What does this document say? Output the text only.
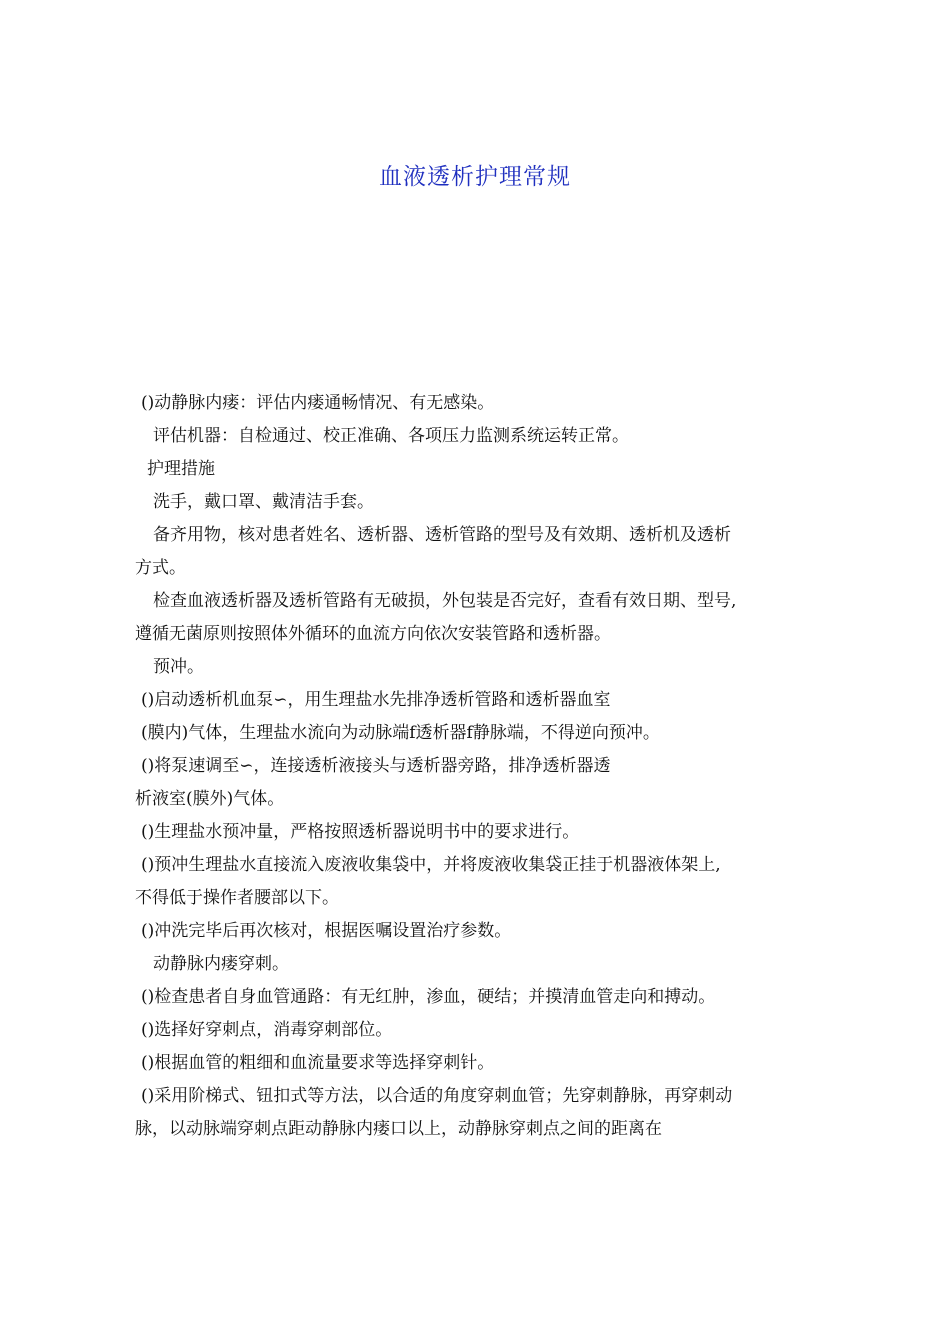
血液透析护理常规
()动静脉内瘘：评估内瘘通畅情况、有无感染。
评估机器：自检通过、校正准确、各项压力监测系统运转正常。
护理措施
洗手，戴口罩、戴清洁手套。
备齐用物，核对患者姓名、透析器、透析管路的型号及有效期、透析机及透析
方式。
检查血液透析器及透析管路有无破损，外包装是否完好，查看有效日期、型号,
遵循无菌原则按照体外循环的血流方向依次安装管路和透析器。
预冲。
()启动透析机血泵∽，用生理盐水先排净透析管路和透析器血室
(膜内)气体，生理盐水流向为动脉端f透析器f静脉端，不得逆向预冲。
()将泵速调至∽，连接透析液接头与透析器旁路，排净透析器透
析液室(膜外)气体。
()生理盐水预冲量，严格按照透析器说明书中的要求进行。
()预冲生理盐水直接流入废液收集袋中，并将废液收集袋正挂于机器液体架上,
不得低于操作者腰部以下。
()冲洗完毕后再次核对，根据医嘱设置治疗参数。
动静脉内瘘穿刺。
()检查患者自身血管通路：有无红肿，渗血，硬结；并摸清血管走向和搏动。
()选择好穿刺点，消毒穿刺部位。
()根据血管的粗细和血流量要求等选择穿刺针。
()采用阶梯式、钮扣式等方法，以合适的角度穿刺血管；先穿刺静脉，再穿刺动
脉，以动脉端穿刺点距动静脉内瘘口以上，动静脉穿刺点之间的距离在
